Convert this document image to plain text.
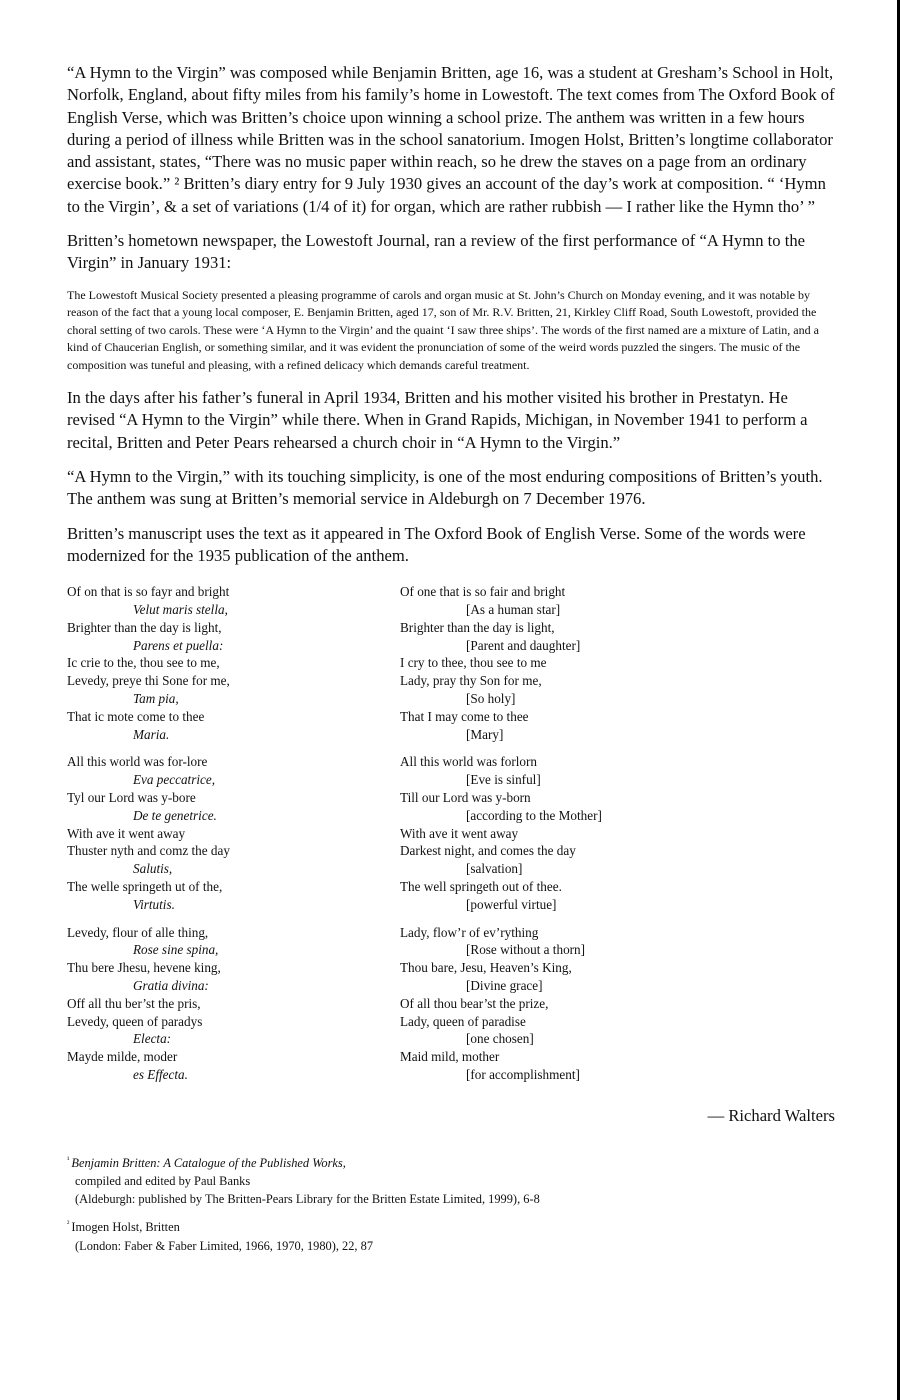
“A Hymn to the Virgin” was composed while Benjamin Britten, age 16, was a student at Gresham’s School in Holt, Norfolk, England, about fifty miles from his family’s home in Lowestoft. The text comes from The Oxford Book of English Verse, which was Britten’s choice upon winning a school prize. The anthem was written in a few hours during a period of illness while Britten was in the school sanatorium. Imogen Holst, Britten’s longtime collaborator and assistant, states, “There was no music paper within reach, so he drew the staves on a page from an ordinary exercise book.” ² Britten’s diary entry for 9 July 1930 gives an account of the day’s work at composition. “ ‘Hymn to the Virgin’, & a set of variations (1/4 of it) for organ, which are rather rubbish — I rather like the Hymn tho’ ”

Britten’s hometown newspaper, the Lowestoft Journal, ran a review of the first performance of “A Hymn to the Virgin” in January 1931:

The Lowestoft Musical Society presented a pleasing programme of carols and organ music at St. John’s Church on Monday evening, and it was notable by reason of the fact that a young local composer, E. Benjamin Britten, aged 17, son of Mr. R.V. Britten, 21, Kirkley Cliff Road, South Lowestoft, provided the choral setting of two carols. These were ‘A Hymn to the Virgin’ and the quaint ‘I saw three ships’. The words of the first named are a mixture of Latin, and a kind of Chaucerian English, or something similar, and it was evident the pronunciation of some of the weird words puzzled the singers. The music of the composition was tuneful and pleasing, with a refined delicacy which demands careful treatment.

In the days after his father’s funeral in April 1934, Britten and his mother visited his brother in Prestatyn. He revised “A Hymn to the Virgin” while there. When in Grand Rapids, Michigan, in November 1941 to perform a recital, Britten and Peter Pears rehearsed a church choir in “A Hymn to the Virgin.”

“A Hymn to the Virgin,” with its touching simplicity, is one of the most enduring compositions of Britten’s youth. The anthem was sung at Britten’s memorial service in Aldeburgh on 7 December 1976.

Britten’s manuscript uses the text as it appeared in The Oxford Book of English Verse. Some of the words were modernized for the 1935 publication of the anthem.

Of on that is so fayr and bright
Velut maris stella,
Brighter than the day is light,
Parens et puella:
Ic crie to the, thou see to me,
Levedy, preye thi Sone for me,
Tam pia,
That ic mote come to thee
Maria.
All this world was for-lore
Eva peccatrice,
Tyl our Lord was y-bore
De te genetrice.
With ave it went away
Thuster nyth and comz the day
Salutis,
The welle springeth ut of the,
Virtutis.
Levedy, flour of alle thing,
Rose sine spina,
Thu bere Jhesu, hevene king,
Gratia divina:
Off all thu ber’st the pris,
Levedy, queen of paradys
Electa:
Mayde milde, moder
es Effecta.
Of one that is so fair and bright
[As a human star]
Brighter than the day is light,
[Parent and daughter]
I cry to thee, thou see to me
Lady, pray thy Son for me,
[So holy]
That I may come to thee
[Mary]
All this world was forlorn
[Eve is sinful]
Till our Lord was y-born
[according to the Mother]
With ave it went away
Darkest night, and comes the day
[salvation]
The well springeth out of thee.
[powerful virtue]
Lady, flow’r of ev’rything
[Rose without a thorn]
Thou bare, Jesu, Heaven’s King,
[Divine grace]
Of all thou bear’st the prize,
Lady, queen of paradise
[one chosen]
Maid mild, mother
[for accomplishment]
— Richard Walters
$^{^1}$ Benjamin Britten: A Catalogue of the Published Works,
compiled and edited by Paul Banks
(Aldeburgh: published by The Britten-Pears Library for the Britten Estate Limited, 1999), 6-8
$^{^2}$ Imogen Holst, Britten
(London: Faber & Faber Limited, 1966, 1970, 1980), 22, 87
